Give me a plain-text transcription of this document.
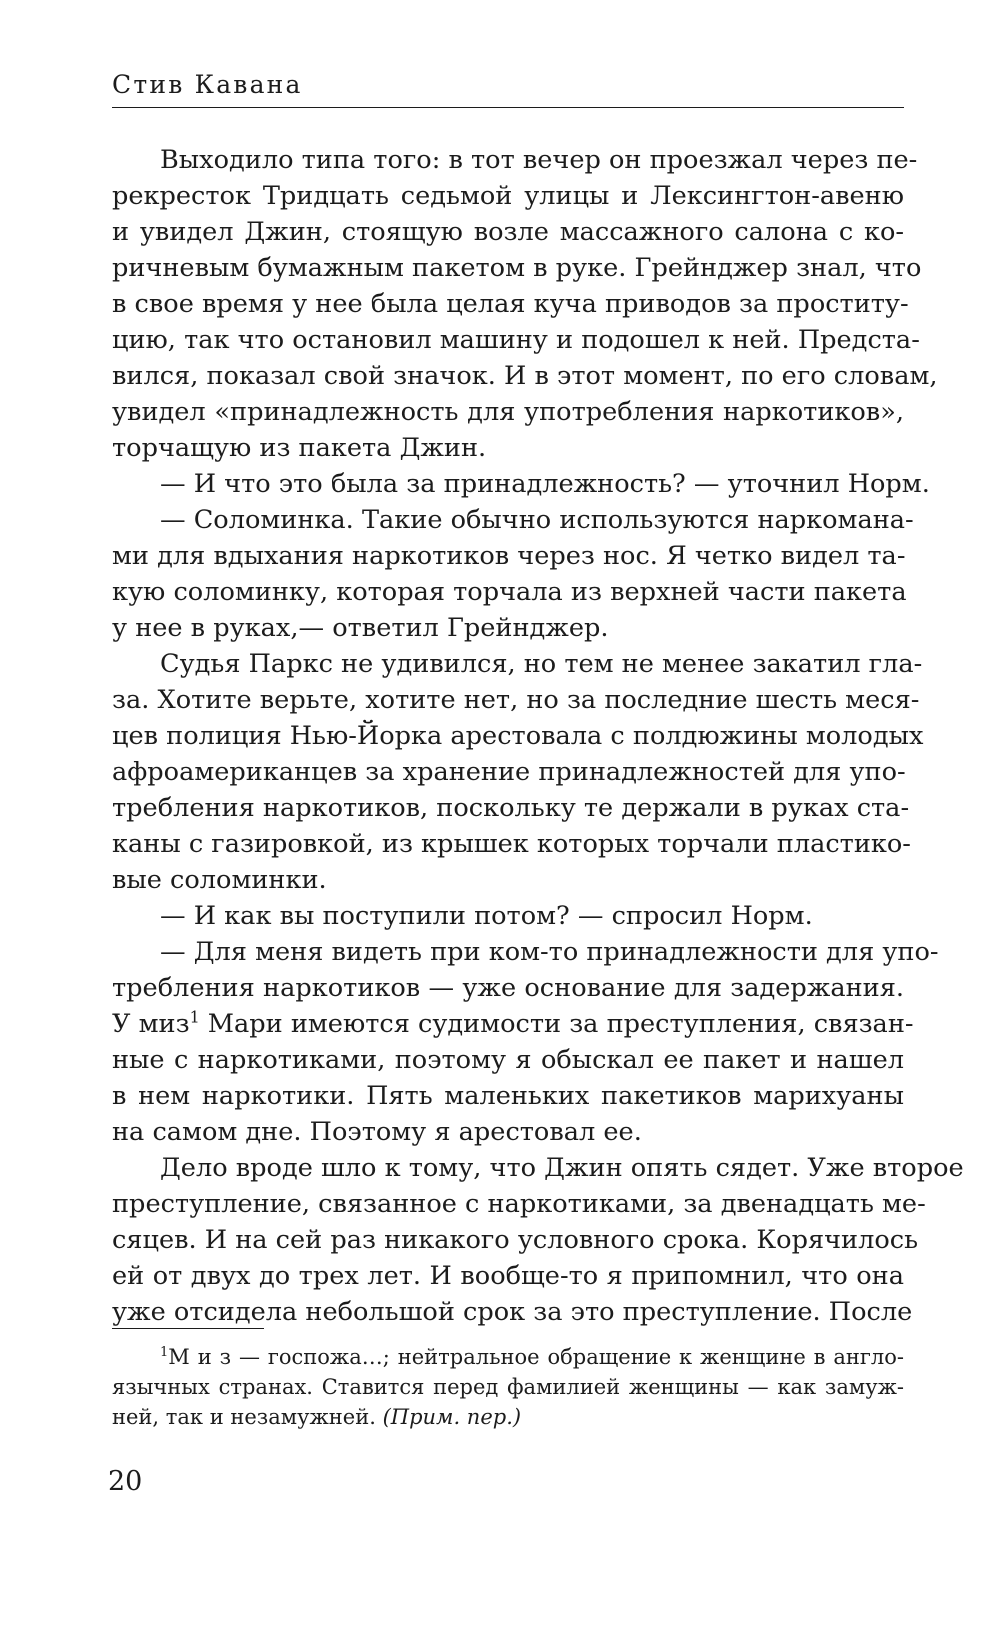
Стив Кавана
Выходило типа того: в тот вечер он проезжал через пе-
рекресток Тридцать седьмой улицы и Лексингтон-авеню
и увидел Джин, стоящую возле массажного салона с ко-
ричневым бумажным пакетом в руке. Грейнджер знал, что
в свое время у нее была целая куча приводов за проститу-
цию, так что остановил машину и подошел к ней. Предста-
вился, показал свой значок. И в этот момент, по его словам,
увидел «принадлежность для употребления наркотиков»,
торчащую из пакета Джин.
— И что это была за принадлежность? — уточнил Норм.
— Соломинка. Такие обычно используются наркомана-
ми для вдыхания наркотиков через нос. Я четко видел та-
кую соломинку, которая торчала из верхней части пакета
у нее в руках,— ответил Грейнджер.
Судья Паркс не удивился, но тем не менее закатил гла-
за. Хотите верьте, хотите нет, но за последние шесть меся-
цев полиция Нью-Йорка арестовала с полдюжины молодых
афроамериканцев за хранение принадлежностей для упо-
требления наркотиков, поскольку те держали в руках ста-
каны с газировкой, из крышек которых торчали пластико-
вые соломинки.
— И как вы поступили потом? — спросил Норм.
— Для меня видеть при ком-то принадлежности для упо-
требления наркотиков — уже основание для задержания.
У миз$^1$ Мари имеются судимости за преступления, связан-
ные с наркотиками, поэтому я обыскал ее пакет и нашел
в нем наркотики. Пять маленьких пакетиков марихуаны
на самом дне. Поэтому я арестовал ее.
Дело вроде шло к тому, что Джин опять сядет. Уже второе
преступление, связанное с наркотиками, за двенадцать ме-
сяцев. И на сей раз никакого условного срока. Корячилось
ей от двух до трех лет. И вообще-то я припомнил, что она
уже отсидела небольшой срок за это преступление. После
$^1$М и з — госпожа…; нейтральное обращение к женщине в англо-
язычных странах. Ставится перед фамилией женщины — как замуж-
ней, так и незамужней. (Прим. пер.)
20
